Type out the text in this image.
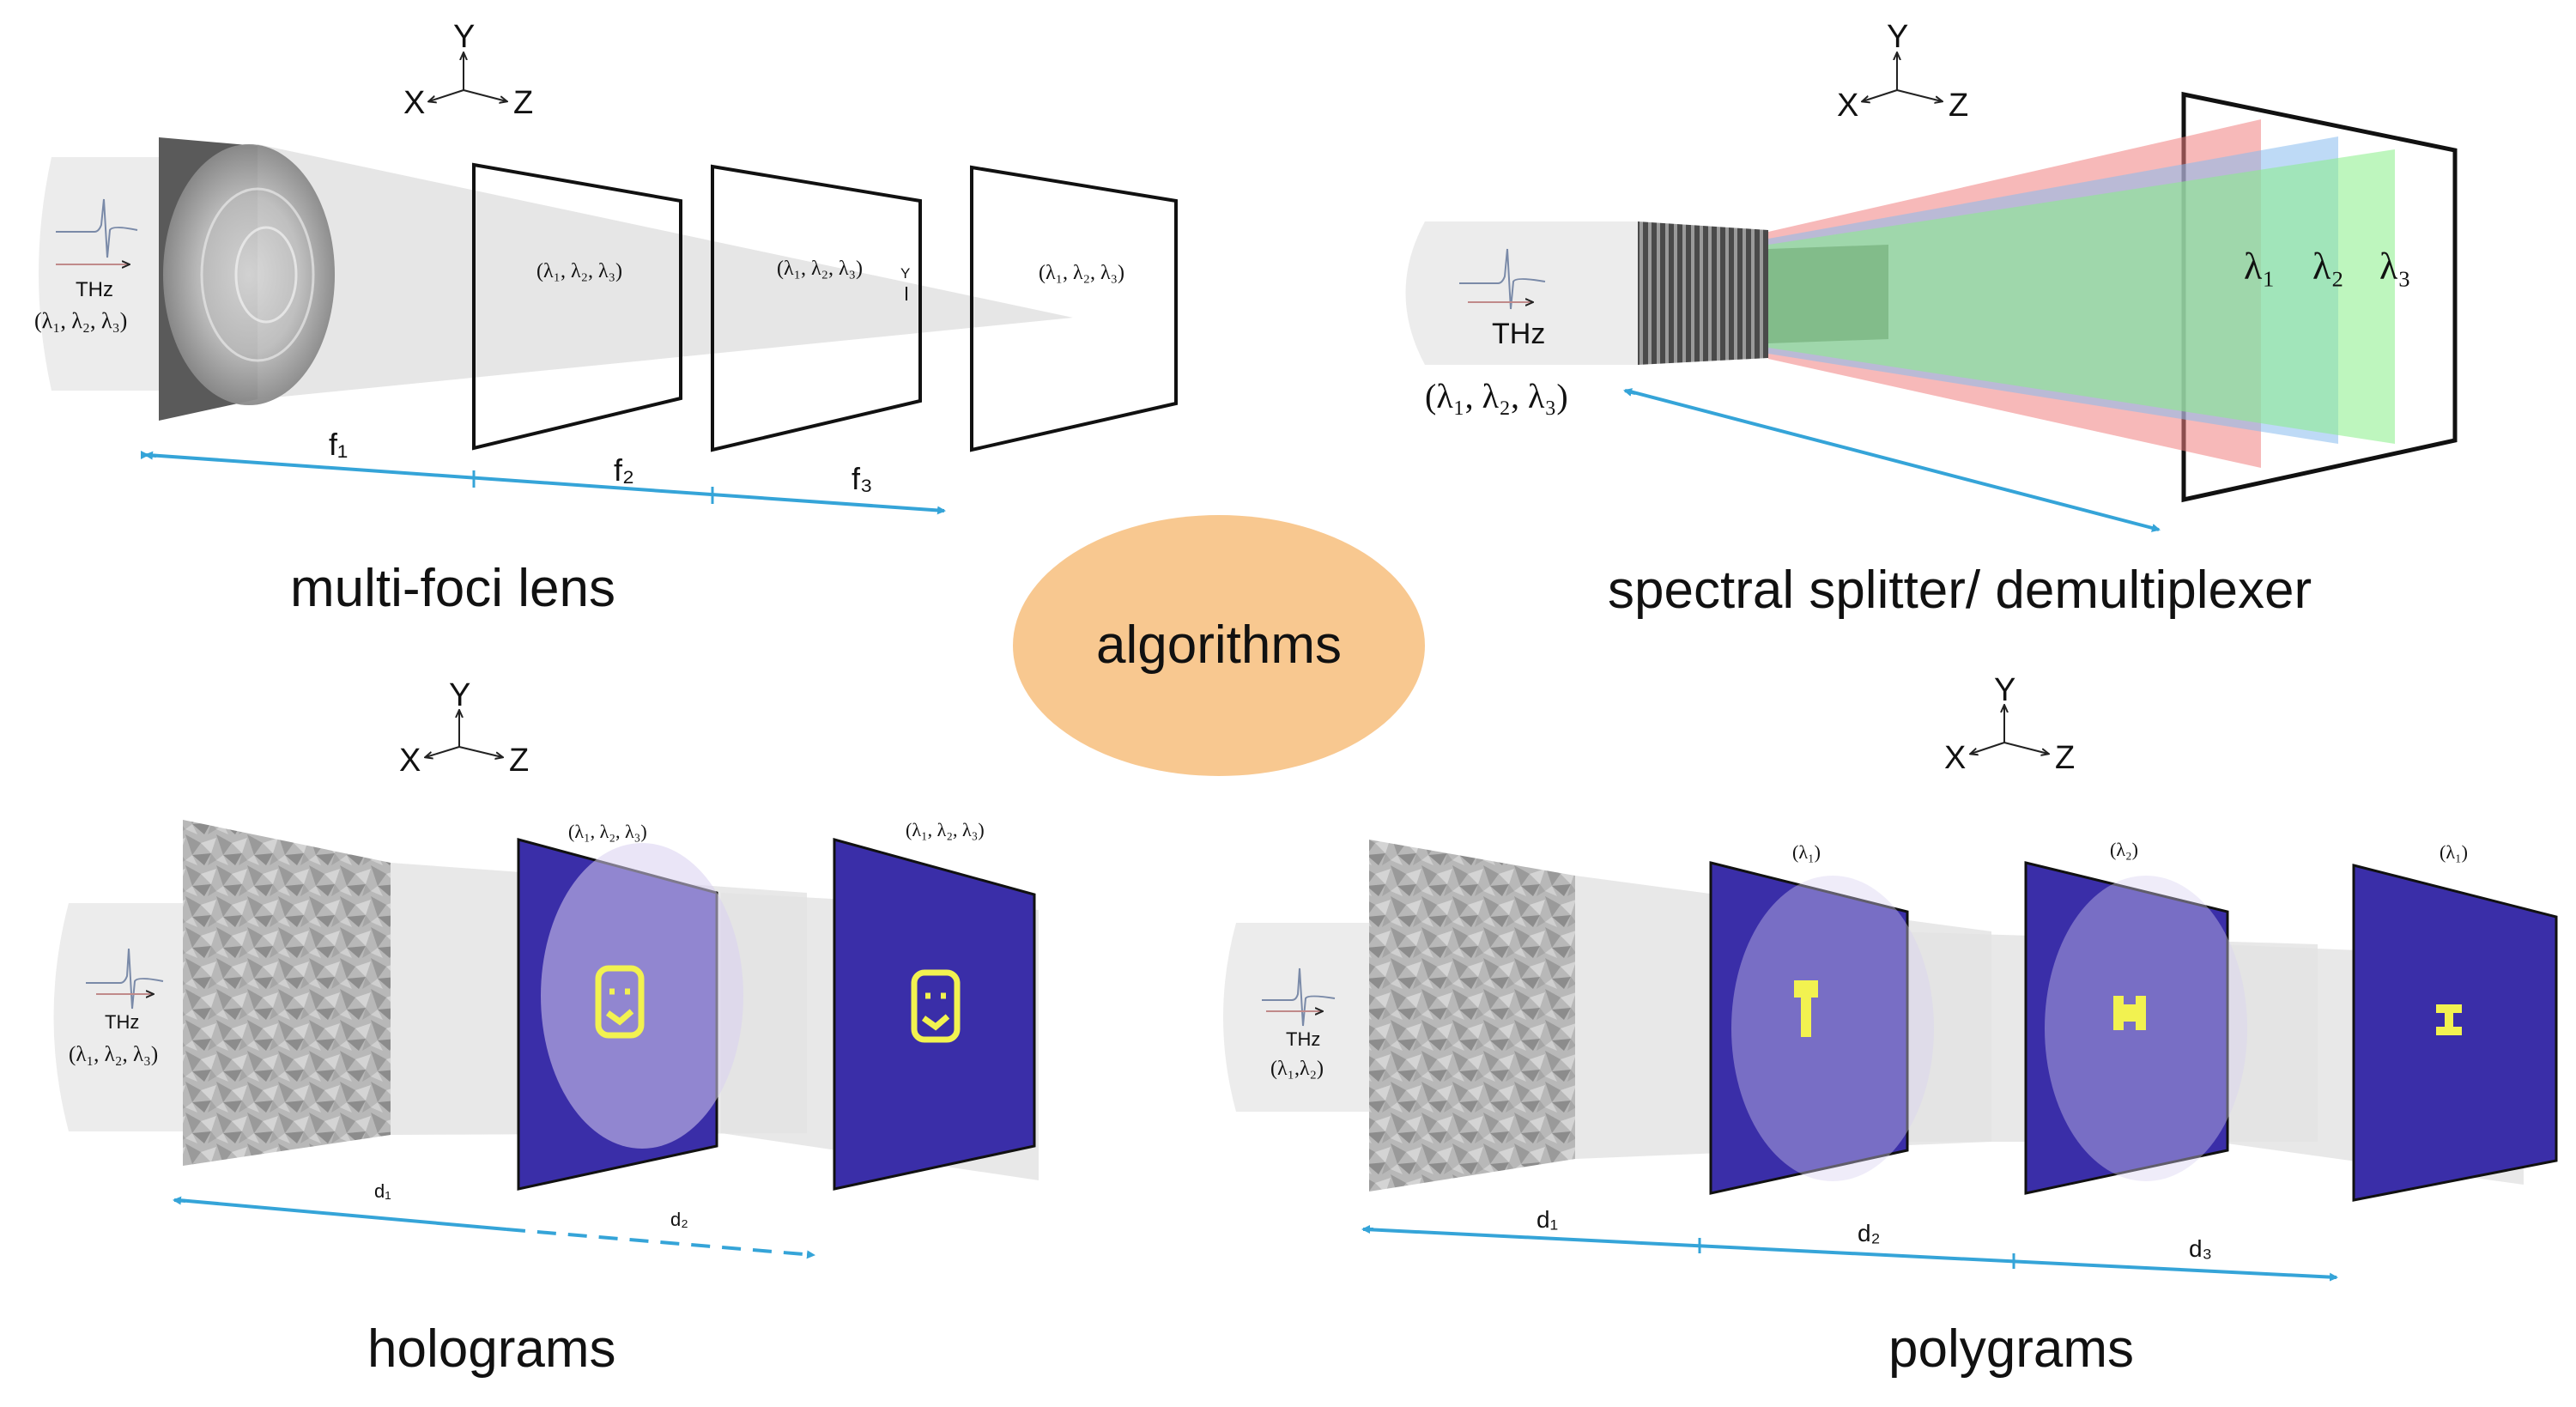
Y
X	Z
THz
(λ₁, λ₂, λ₃)
(λ₁, λ₂, λ₃)	(λ₁, λ₂, λ₃)	(λ₁, λ₂, λ₃)
Y
f₁
f₂	f₃
multi-foci lens
Y
X	Z
THz
(λ₁, λ₂, λ₃)
λ₁ λ₂ λ₃
spectral splitter/ demultiplexer
algorithms
Y
X	Z
THz
(λ₁, λ₂, λ₃)
(λ₁, λ₂, λ₃)	(λ₁, λ₂, λ₃)
d₁
d₂
holograms
Y
X	Z
THz
(λ₁,λ₂)
(λ₁)	(λ₂)	(λ₁)
d₁
d₂
d₃
polygrams
